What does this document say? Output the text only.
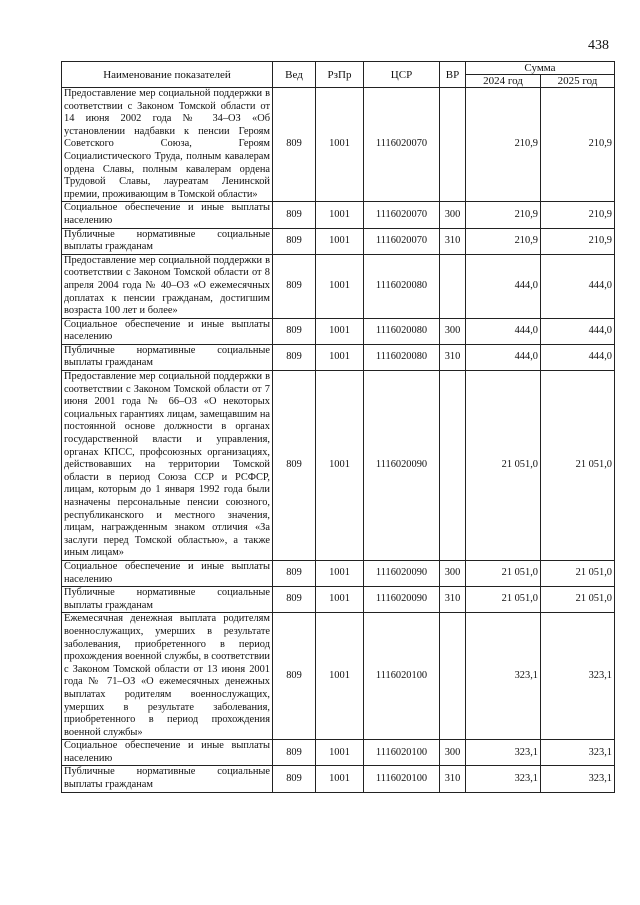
438
Наименование показателей	Вед	РзПр	ЦСР	ВР	Сумма	
					2024 год	2025 год
Предоставление мер социальной поддержки в соответствии с Законом Томской области от 14 июня 2002 года № 34–ОЗ «Об установлении надбавки к пенсии Героям Советского Союза, Героям Социалистического Труда, полным кавалерам ордена Славы, полным кавалерам ордена Трудовой Славы, лауреатам Ленинской премии, проживающим в Томской области»	809	1001	1116020070		210,9	210,9
Социальное обеспечение и иные выплаты населению	809	1001	1116020070	300	210,9	210,9
Публичные нормативные социальные выплаты гражданам	809	1001	1116020070	310	210,9	210,9
Предоставление мер социальной поддержки в соответствии с Законом Томской области от 8 апреля 2004 года № 40–ОЗ «О ежемесячных доплатах к пенсии гражданам, достигшим возраста 100 лет и более»	809	1001	1116020080		444,0	444,0
Социальное обеспечение и иные выплаты населению	809	1001	1116020080	300	444,0	444,0
Публичные нормативные социальные выплаты гражданам	809	1001	1116020080	310	444,0	444,0
Предоставление мер социальной поддержки в соответствии с Законом Томской области от 7 июня 2001 года № 66–ОЗ «О некоторых социальных гарантиях лицам, замещавшим на постоянной основе должности в органах государственной власти и управления, органах КПСС, профсоюзных организациях, действовавших на территории Томской области в период Союза ССР и РСФСР, лицам, которым до 1 января 1992 года были назначены персональные пенсии союзного, республиканского и местного значения, лицам, награжденным знаком отличия «За заслуги перед Томской областью», а также иным лицам»	809	1001	1116020090		21 051,0	21 051,0
Социальное обеспечение и иные выплаты населению	809	1001	1116020090	300	21 051,0	21 051,0
Публичные нормативные социальные выплаты гражданам	809	1001	1116020090	310	21 051,0	21 051,0
Ежемесячная денежная выплата родителям военнослужащих, умерших в результате заболевания, приобретенного в период прохождения военной службы, в соответствии с Законом Томской области от 13 июня 2001 года № 71–ОЗ «О ежемесячных денежных выплатах родителям военнослужащих, умерших в результате заболевания, приобретенного в период прохождения военной службы»	809	1001	1116020100		323,1	323,1
Социальное обеспечение и иные выплаты населению	809	1001	1116020100	300	323,1	323,1
Публичные нормативные социальные выплаты гражданам	809	1001	1116020100	310	323,1	323,1
